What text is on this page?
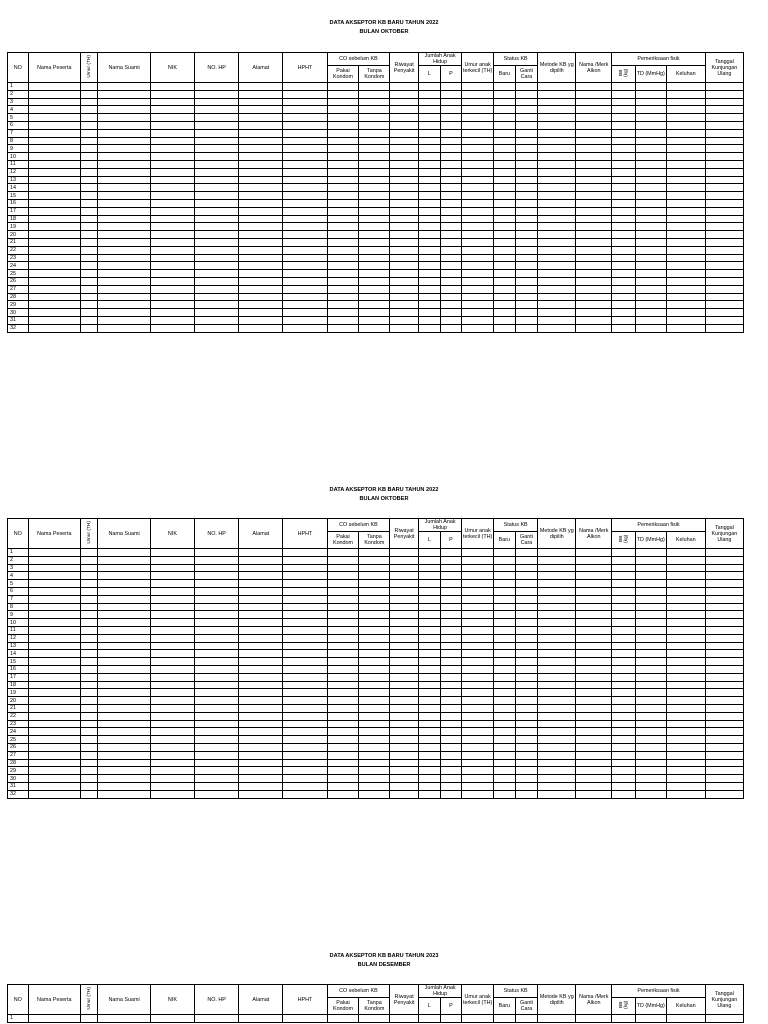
DATA AKSEPTOR KB BARU TAHUN 2022
BULAN OKTOBER
NO	Nama Peserta	Umur (TH)	Nama Suami	NIK	NO. HP	Alamat	HPHT	CO sebelum KB		Riwayat Penyakit	Jumlah Anak Hidup		Umur anak terkecil (TH)	Status KB		Metode KB yg dipilih	Nama /Merk Alkon	Pemeriksaan fisik			Tanggal Kunjungan Ulang
								Pakai Kondom	Tanpa Kondom		L	P		Baru	Ganti Cara			BB (kg)	TD (MmHg)	Keluhan	
1																					
2																					
3																					
4																					
5																					
6																					
7																					
8																					
9																					
10																					
11																					
12																					
13																					
14																					
15																					
16																					
17																					
18																					
19																					
20																					
21																					
22																					
23																					
24																					
25																					
26																					
27																					
28																					
29																					
30																					
31																					
32																					
DATA AKSEPTOR KB BARU TAHUN 2022
BULAN OKTOBER
NO	Nama Peserta	Umur (TH)	Nama Suami	NIK	NO. HP	Alamat	HPHT	CO sebelum KB		Riwayat Penyakit	Jumlah Anak Hidup		Umur anak terkecil (TH)	Status KB		Metode KB yg dipilih	Nama /Merk Alkon	Pemeriksaan fisik			Tanggal Kunjungan Ulang
								Pakai Kondom	Tanpa Kondom		L	P		Baru	Ganti Cara			BB (kg)	TD (MmHg)	Keluhan	
1																					
2																					
3																					
4																					
5																					
6																					
7																					
8																					
9																					
10																					
11																					
12																					
13																					
14																					
15																					
16																					
17																					
18																					
19																					
20																					
21																					
22																					
23																					
24																					
25																					
26																					
27																					
28																					
29																					
30																					
31																					
32																					
DATA AKSEPTOR KB BARU TAHUN 2023
BULAN DESEMBER
NO	Nama Peserta	Umur (TH)	Nama Suami	NIK	NO. HP	Alamat	HPHT	CO sebelum KB		Riwayat Penyakit	Jumlah Anak Hidup		Umur anak terkecil (TH)	Status KB		Metode KB yg dipilih	Nama /Merk Alkon	Pemeriksaan fisik			Tanggal Kunjungan Ulang
								Pakai Kondom	Tanpa Kondom		L	P		Baru	Ganti Cara			BB (kg)	TD (MmHg)	Keluhan	
1																					
